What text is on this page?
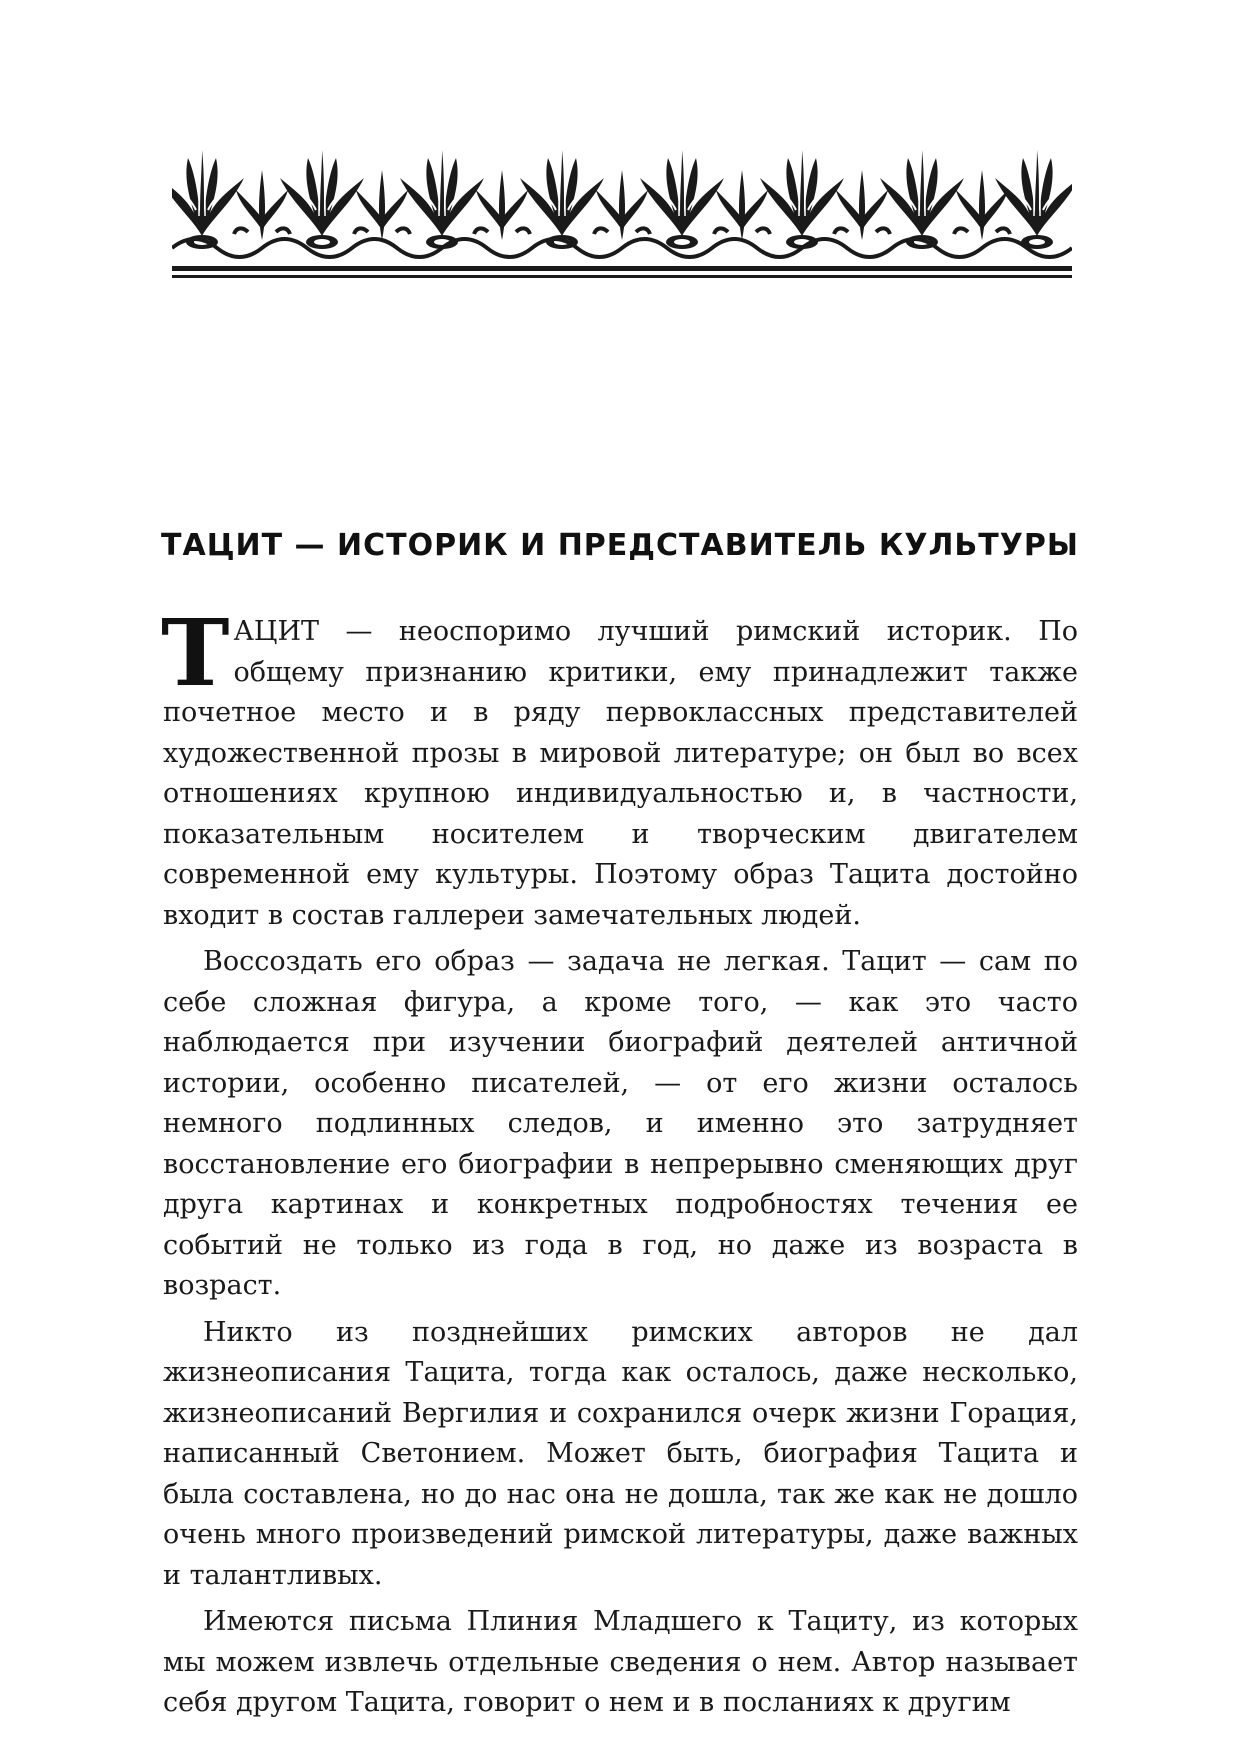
ТАЦИТ — ИСТОРИК И ПРЕДСТАВИТЕЛЬ КУЛЬТУРЫ

ТАЦИТ — неоспоримо лучший римский историк. По общему признанию критики, ему принадлежит также почетное место и в ряду первоклассных представителей художественной прозы в мировой литературе; он был во всех отношениях крупною индивидуальностью и, в частности, показательным носителем и творческим двигателем современной ему культуры. Поэтому образ Тацита достойно входит в состав галлереи замечательных людей.

Воссоздать его образ — задача не легкая. Тацит — сам по себе сложная фигура, а кроме того, — как это часто наблюдается при изучении биографий деятелей античной истории, особенно писателей, — от его жизни осталось немного подлинных следов, и именно это затрудняет восстановление его биографии в непрерывно сменяющих друг друга картинах и конкретных подробностях течения ее событий не только из года в год, но даже из возраста в возраст.

Никто из позднейших римских авторов не дал жизнеописания Тацита, тогда как осталось, даже несколько, жизнеописаний Вергилия и сохранился очерк жизни Горация, написанный Светонием. Может быть, биография Тацита и была составлена, но до нас она не дошла, так же как не дошло очень много произведений римской литературы, даже важных и талантливых.

Имеются письма Плиния Младшего к Тациту, из которых мы можем извлечь отдельные сведения о нем. Автор называет себя другом Тацита, говорит о нем и в посланиях к другим
